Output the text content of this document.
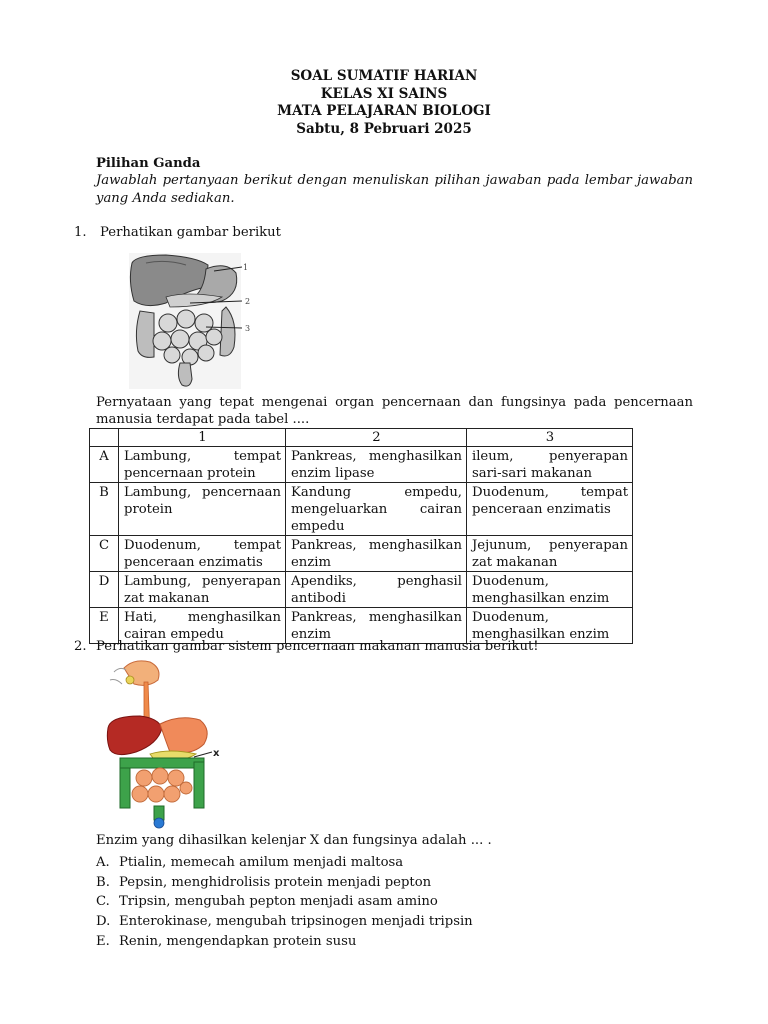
SOAL SUMATIF HARIAN
KELAS XI SAINS
MATA PELAJARAN BIOLOGI
Sabtu, 8 Pebruari 2025
Pilihan Ganda
Jawablah pertanyaan berikut dengan menuliskan pilihan jawaban pada lembar jawaban yang Anda sediakan.
1. Perhatikan gambar berikut
1
2
3
Pernyataan yang tepat mengenai organ pencernaan dan fungsinya pada pencernaan manusia terdapat pada tabel ....
	1	2	3
A	Lambung, tempat pencernaan protein	Pankreas, menghasilkan enzim lipase	ileum, penyerapan sari-sari makanan
B	Lambung, pencernaan protein	Kandung empedu, mengeluarkan cairan empedu	Duodenum, tempat penceraan enzimatis
C	Duodenum, tempat penceraan enzimatis	Pankreas, menghasilkan enzim	Jejunum, penyerapan zat makanan
D	Lambung, penyerapan zat makanan	Apendiks, penghasil antibodi	Duodenum, menghasilkan enzim
E	Hati, menghasilkan cairan empedu	Pankreas, menghasilkan enzim	Duodenum, menghasilkan enzim
2. Perhatikan gambar sistem pencernaan makanan manusia berikut!
x
Enzim yang dihasilkan kelenjar X dan fungsinya adalah ... .
A. Ptialin, memecah amilum menjadi maltosa
B. Pepsin, menghidrolisis protein menjadi pepton
C. Tripsin, mengubah pepton menjadi asam amino
D. Enterokinase, mengubah tripsinogen menjadi tripsin
E. Renin, mengendapkan protein susu
